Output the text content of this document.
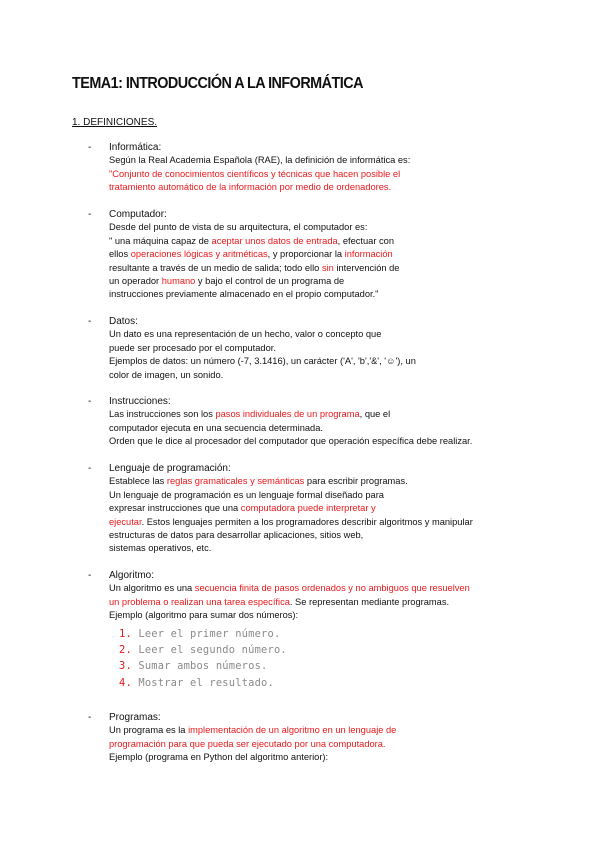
TEMA1: INTRODUCCIÓN A LA INFORMÁTICA
1. DEFINICIONES.
- Informática:
Según la Real Academia Española (RAE), la definición de informática es:
"Conjunto de conocimientos científicos y técnicas que hacen posible el
tratamiento automático de la información por medio de ordenadores.
- Computador:
Desde del punto de vista de su arquitectura, el computador es:
" una máquina capaz de aceptar unos datos de entrada, efectuar con
ellos operaciones lógicas y aritméticas, y proporcionar la información
resultante a través de un medio de salida; todo ello sin intervención de
un operador humano y bajo el control de un programa de
instrucciones previamente almacenado en el propio computador."
- Datos:
Un dato es una representación de un hecho, valor o concepto que
puede ser procesado por el computador.
Ejemplos de datos: un número (-7, 3.1416), un carácter ('A', 'b','&', '☺'), un
color de imagen, un sonido.
- Instrucciones:
Las instrucciones son los pasos individuales de un programa, que el
computador ejecuta en una secuencia determinada.
Orden que le dice al procesador del computador que operación específica debe realizar.
- Lenguaje de programación:
Establece las reglas gramaticales y semánticas para escribir programas.
Un lenguaje de programación es un lenguaje formal diseñado para
expresar instrucciones que una computadora puede interpretar y
ejecutar. Estos lenguajes permiten a los programadores describir algoritmos y manipular
estructuras de datos para desarrollar aplicaciones, sitios web,
sistemas operativos, etc.
- Algoritmo:
Un algoritmo es una secuencia finita de pasos ordenados y no ambiguos que resuelven
un problema o realizan una tarea específica. Se representan mediante programas.
Ejemplo (algoritmo para sumar dos números):
- Programas:
Un programa es la implementación de un algoritmo en un lenguaje de
programación para que pueda ser ejecutado por una computadora.
Ejemplo (programa en Python del algoritmo anterior):
1. Leer el primer número.
2. Leer el segundo número.
3. Sumar ambos números.
4. Mostrar el resultado.
